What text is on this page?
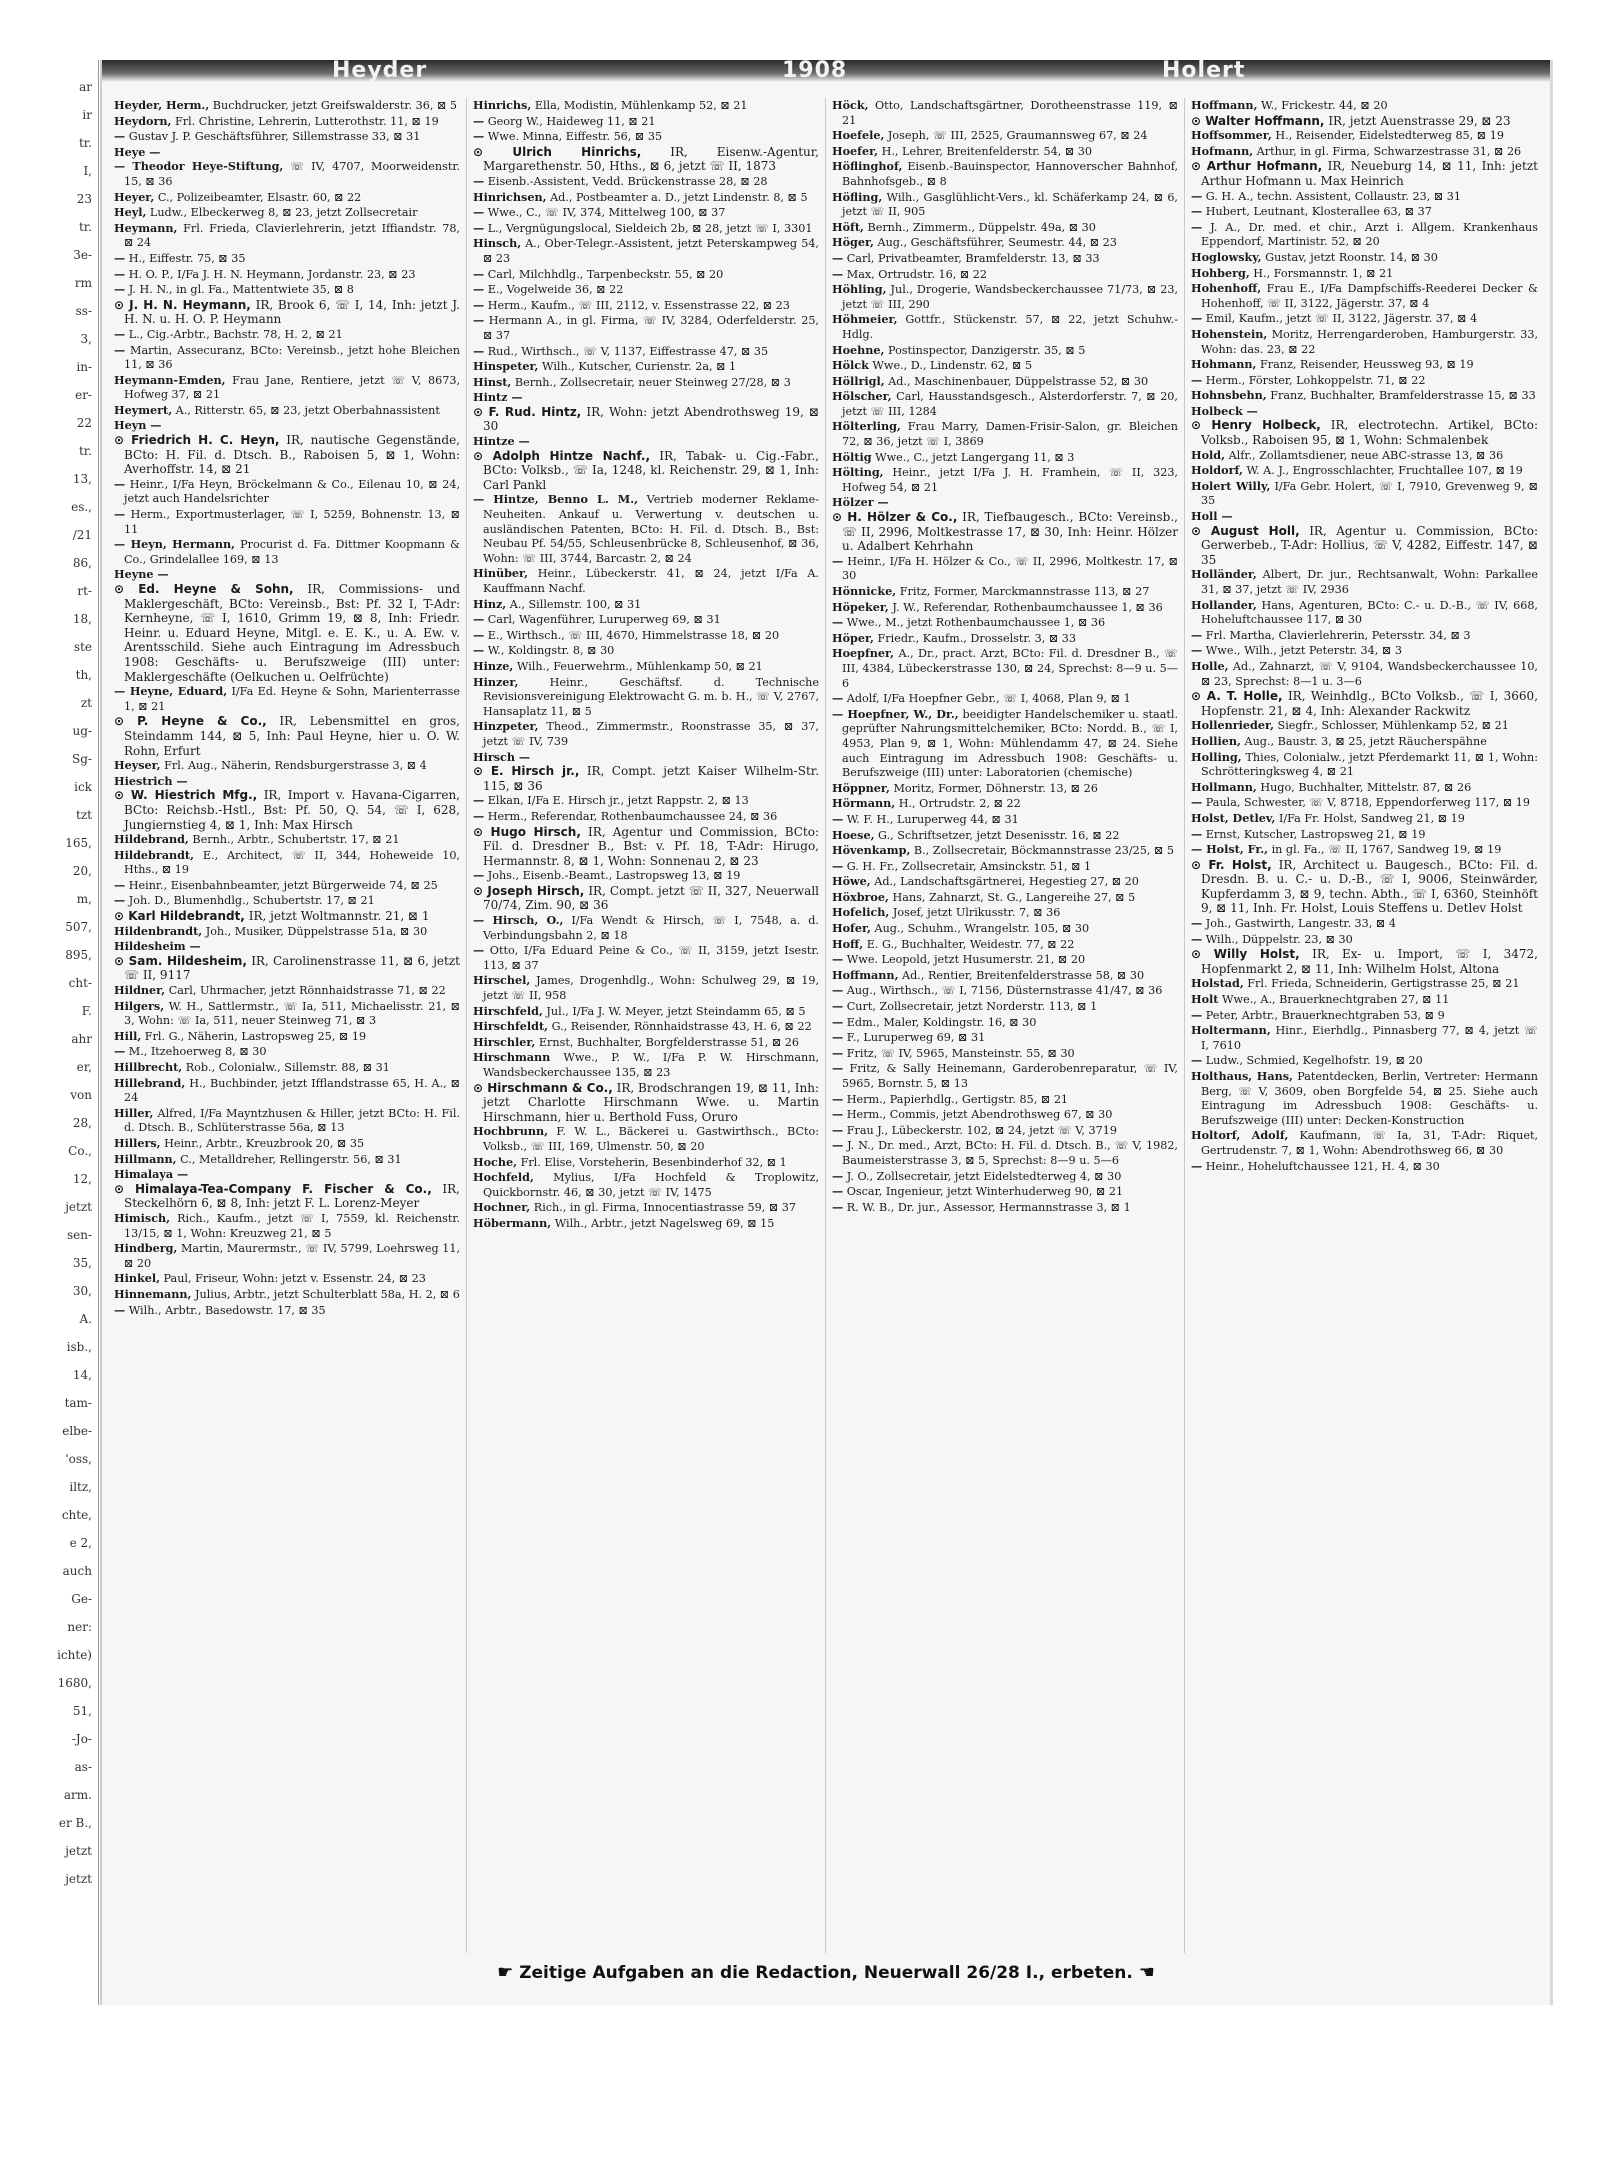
ar
ir
tr.
I,
23
tr.
3e-
rm
ss-
3,
in-
er-
22
tr.
13,
es.,
/21
86,
rt-
18,
ste
th,
zt
ug-
Sg-
ick
tzt
165,
20,
m,
507,
895,
cht-
F.
ahr
er,
von
28,
Co.,
12,
jetzt
sen-
35,
30,
A.
isb.,
14,
tam-
elbe-
'oss,
iltz,
chte,
e 2,
auch
Ge-
ner:
ichte)
1680,
51,
-Jo-
as-
arm.
er B.,
jetzt
jetzt
Heyder	1908	Holert

Heyder, Herm., Buchdrucker, jetzt Greifswalderstr. 36, ⊠ 5

Heydorn, Frl. Christine, Lehrerin, Lutterothstr. 11, ⊠ 19

— Gustav J. P. Geschäftsführer, Sillemstrasse 33, ⊠ 31

Heye —

— Theodor Heye-Stiftung, ☏ IV, 4707, Moorweidenstr. 15, ⊠ 36

Heyer, C., Polizeibeamter, Elsastr. 60, ⊠ 22

Heyl, Ludw., Elbeckerweg 8, ⊠ 23, jetzt Zollsecretair

Heymann, Frl. Frieda, Clavierlehrerin, jetzt Iffiandstr. 78, ⊠ 24

— H., Eiffestr. 75, ⊠ 35

— H. O. P., I/Fa J. H. N. Heymann, Jordanstr. 23, ⊠ 23

— J. H. N., in gl. Fa., Mattentwiete 35, ⊠ 8

⊙ J. H. N. Heymann, IR, Brook 6, ☏ I, 14, Inh: jetzt J. H. N. u. H. O. P. Heymann

— L., Cig.-Arbtr., Bachstr. 78, H. 2, ⊠ 21

— Martin, Assecuranz, BCto: Vereinsb., jetzt hohe Bleichen 11, ⊠ 36

Heymann-Emden, Frau Jane, Rentiere, jetzt ☏ V, 8673, Hofweg 37, ⊠ 21

Heymert, A., Ritterstr. 65, ⊠ 23, jetzt Oberbahnassistent

Heyn —

⊙ Friedrich H. C. Heyn, IR, nautische Gegenstände, BCto: H. Fil. d. Dtsch. B., Raboisen 5, ⊠ 1, Wohn: Averhoffstr. 14, ⊠ 21

— Heinr., I/Fa Heyn, Bröckelmann & Co., Eilenau 10, ⊠ 24, jetzt auch Handelsrichter

— Herm., Exportmusterlager, ☏ I, 5259, Bohnenstr. 13, ⊠ 11

— Heyn, Hermann, Procurist d. Fa. Dittmer Koopmann & Co., Grindelallee 169, ⊠ 13

Heyne —

⊙ Ed. Heyne & Sohn, IR, Commissions- und Maklergeschäft, BCto: Vereinsb., Bst: Pf. 32 I, T-Adr: Kernheyne, ☏ I, 1610, Grimm 19, ⊠ 8, Inh: Friedr. Heinr. u. Eduard Heyne, Mitgl. e. E. K., u. A. Ew. v. Arentsschild. Siehe auch Eintragung im Adressbuch 1908: Geschäfts- u. Berufszweige (III) unter: Maklergeschäfte (Oelkuchen u. Oelfrüchte)

— Heyne, Eduard, I/Fa Ed. Heyne & Sohn, Marienterrasse 1, ⊠ 21

⊙ P. Heyne & Co., IR, Lebensmittel en gros, Steindamm 144, ⊠ 5, Inh: Paul Heyne, hier u. O. W. Rohn, Erfurt

Heyser, Frl. Aug., Näherin, Rendsburgerstrasse 3, ⊠ 4

Hiestrich —

⊙ W. Hiestrich Mfg., IR, Import v. Havana-Cigarren, BCto: Reichsb.-Hstl., Bst: Pf. 50, Q. 54, ☏ I, 628, Jungiernstieg 4, ⊠ 1, Inh: Max Hirsch

Hildebrand, Bernh., Arbtr., Schubertstr. 17, ⊠ 21

Hildebrandt, E., Architect, ☏ II, 344, Hoheweide 10, Hths., ⊠ 19

— Heinr., Eisenbahnbeamter, jetzt Bürgerweide 74, ⊠ 25

— Joh. D., Blumenhdlg., Schubertstr. 17, ⊠ 21

⊙ Karl Hildebrandt, IR, jetzt Woltmannstr. 21, ⊠ 1

Hildenbrandt, Joh., Musiker, Düppelstrasse 51a, ⊠ 30

Hildesheim —

⊙ Sam. Hildesheim, IR, Carolinenstrasse 11, ⊠ 6, jetzt ☏ II, 9117

Hildner, Carl, Uhrmacher, jetzt Rönnhaidstrasse 71, ⊠ 22

Hilgers, W. H., Sattlermstr., ☏ Ia, 511, Michaelisstr. 21, ⊠ 3, Wohn: ☏ Ia, 511, neuer Steinweg 71, ⊠ 3

Hill, Frl. G., Näherin, Lastropsweg 25, ⊠ 19

— M., Itzehoerweg 8, ⊠ 30

Hillbrecht, Rob., Colonialw., Sillemstr. 88, ⊠ 31

Hillebrand, H., Buchbinder, jetzt Ifflandstrasse 65, H. A., ⊠ 24

Hiller, Alfred, I/Fa Mayntzhusen & Hiller, jetzt BCto: H. Fil. d. Dtsch. B., Schlüterstrasse 56a, ⊠ 13

Hillers, Heinr., Arbtr., Kreuzbrook 20, ⊠ 35

Hillmann, C., Metalldreher, Rellingerstr. 56, ⊠ 31

Himalaya —

⊙ Himalaya-Tea-Company F. Fischer & Co., IR, Steckelhörn 6, ⊠ 8, Inh: jetzt F. L. Lorenz-Meyer

Himisch, Rich., Kaufm., jetzt ☏ I, 7559, kl. Reichenstr. 13/15, ⊠ 1, Wohn: Kreuzweg 21, ⊠ 5

Hindberg, Martin, Maurermstr., ☏ IV, 5799, Loehrsweg 11, ⊠ 20

Hinkel, Paul, Friseur, Wohn: jetzt v. Essenstr. 24, ⊠ 23

Hinnemann, Julius, Arbtr., jetzt Schulterblatt 58a, H. 2, ⊠ 6

— Wilh., Arbtr., Basedowstr. 17, ⊠ 35

Hinrichs, Ella, Modistin, Mühlenkamp 52, ⊠ 21

— Georg W., Haideweg 11, ⊠ 21

— Wwe. Minna, Eiffestr. 56, ⊠ 35

⊙ Ulrich Hinrichs, IR, Eisenw.-Agentur, Margarethenstr. 50, Hths., ⊠ 6, jetzt ☏ II, 1873

— Eisenb.-Assistent, Vedd. Brückenstrasse 28, ⊠ 28

Hinrichsen, Ad., Postbeamter a. D., jetzt Lindenstr. 8, ⊠ 5

— Wwe., C., ☏ IV, 374, Mittelweg 100, ⊠ 37

— L., Vergnügungslocal, Sieldeich 2b, ⊠ 28, jetzt ☏ I, 3301

Hinsch, A., Ober-Telegr.-Assistent, jetzt Peterskampweg 54, ⊠ 23

— Carl, Milchhdlg., Tarpenbeckstr. 55, ⊠ 20

— E., Vogelweide 36, ⊠ 22

— Herm., Kaufm., ☏ III, 2112, v. Essenstrasse 22, ⊠ 23

— Hermann A., in gl. Firma, ☏ IV, 3284, Oderfelderstr. 25, ⊠ 37

— Rud., Wirthsch., ☏ V, 1137, Eiffestrasse 47, ⊠ 35

Hinspeter, Wilh., Kutscher, Curienstr. 2a, ⊠ 1

Hinst, Bernh., Zollsecretair, neuer Steinweg 27/28, ⊠ 3

Hintz —

⊙ F. Rud. Hintz, IR, Wohn: jetzt Abendrothsweg 19, ⊠ 30

Hintze —

⊙ Adolph Hintze Nachf., IR, Tabak- u. Cig.-Fabr., BCto: Volksb., ☏ Ia, 1248, kl. Reichenstr. 29, ⊠ 1, Inh: Carl Pankl

— Hintze, Benno L. M., Vertrieb moderner Reklame-Neuheiten. Ankauf u. Verwertung v. deutschen u. ausländischen Patenten, BCto: H. Fil. d. Dtsch. B., Bst: Neubau Pf. 54/55, Schleusenbrücke 8, Schleusenhof, ⊠ 36, Wohn: ☏ III, 3744, Barcastr. 2, ⊠ 24

Hinüber, Heinr., Lübeckerstr. 41, ⊠ 24, jetzt I/Fa A. Kauffmann Nachf.

Hinz, A., Sillemstr. 100, ⊠ 31

— Carl, Wagenführer, Luruperweg 69, ⊠ 31

— E., Wirthsch., ☏ III, 4670, Himmelstrasse 18, ⊠ 20

— W., Koldingstr. 8, ⊠ 30

Hinze, Wilh., Feuerwehrm., Mühlenkamp 50, ⊠ 21

Hinzer,	Heinr., Geschäftsf. d. Technische Revisionsvereinigung Elektrowacht G. m. b. H., ☏ V, 2767, Hansaplatz 11, ⊠ 5

Hinzpeter, Theod., Zimmermstr., Roonstrasse 35, ⊠ 37, jetzt ☏ IV, 739

Hirsch —

⊙ E. Hirsch jr., IR, Compt. jetzt Kaiser Wilhelm-Str. 115, ⊠ 36

— Elkan, I/Fa E. Hirsch jr., jetzt Rappstr. 2, ⊠ 13

— Herm., Referendar, Rothenbaumchaussee 24, ⊠ 36

⊙ Hugo Hirsch, IR, Agentur und Commission, BCto: Fil. d. Dresdner B., Bst: v. Pf. 18, T-Adr: Hirugo, Hermannstr. 8, ⊠ 1, Wohn: Sonnenau 2, ⊠ 23

— Johs., Eisenb.-Beamt., Lastropsweg 13, ⊠ 19

⊙ Joseph Hirsch, IR, Compt. jetzt ☏ II, 327, Neuerwall 70/74, Zim. 90, ⊠ 36

— Hirsch, O., I/Fa Wendt & Hirsch, ☏ I, 7548, a. d. Verbindungsbahn 2, ⊠ 18

— Otto, I/Fa Eduard Peine & Co., ☏ II, 3159, jetzt Isestr. 113, ⊠ 37

Hirschel, James, Drogenhdlg., Wohn: Schulweg 29, ⊠ 19, jetzt ☏ II, 958

Hirschfeld, Jul., I/Fa J. W. Meyer, jetzt Steindamm 65, ⊠ 5

Hirschfeldt, G., Reisender, Rönnhaidstrasse 43, H. 6, ⊠ 22

Hirschler, Ernst, Buchhalter, Borgfelderstrasse 51, ⊠ 26

Hirschmann Wwe., P. W., I/Fa P. W. Hirschmann, Wandsbeckerchaussee 135, ⊠ 23

⊙ Hirschmann & Co., IR, Brodschrangen 19, ⊠ 11, Inh: jetzt Charlotte Hirschmann Wwe. u. Martin Hirschmann, hier u. Berthold Fuss, Oruro

Hochbrunn, F. W. L., Bäckerei u. Gastwirthsch., BCto: Volksb., ☏ III, 169, Ulmenstr. 50, ⊠ 20

Hoche, Frl. Elise, Vorsteherin, Besenbinderhof 32, ⊠ 1

Hochfeld, Mylius, I/Fa Hochfeld & Troplowitz, Quickbornstr. 46, ⊠ 30, jetzt ☏ IV, 1475

Hochner, Rich., in gl. Firma, Innocentiastrasse 59, ⊠ 37

Höbermann, Wilh., Arbtr., jetzt Nagelsweg 69, ⊠ 15

Höck, Otto, Landschaftsgärtner, Dorotheenstrasse 119, ⊠ 21

Hoefele, Joseph, ☏ III, 2525, Graumannsweg 67, ⊠ 24

Hoefer, H., Lehrer, Breitenfelderstr. 54, ⊠ 30

Höflinghof, Eisenb.-Bauinspector, Hannoverscher Bahnhof, Bahnhofsgeb., ⊠ 8

Höfling, Wilh., Gasglühlicht-Vers., kl. Schäferkamp 24, ⊠ 6, jetzt ☏ II, 905

Höft, Bernh., Zimmerm., Düppelstr. 49a, ⊠ 30

Höger, Aug., Geschäftsführer, Seumestr. 44, ⊠ 23

— Carl, Privatbeamter, Bramfelderstr. 13, ⊠ 33

— Max, Ortrudstr. 16, ⊠ 22

Höhling, Jul., Drogerie, Wandsbeckerchaussee 71/73, ⊠ 23, jetzt ☏ III, 290

Höhmeier, Gottfr., Stückenstr. 57, ⊠ 22, jetzt Schuhw.-Hdlg.

Hoehne, Postinspector, Danzigerstr. 35, ⊠ 5

Hölck Wwe., D., Lindenstr. 62, ⊠ 5

Höllrigl, Ad., Maschinenbauer, Düppelstrasse 52, ⊠ 30

Hölscher, Carl, Hausstandsgesch., Alsterdorferstr. 7, ⊠ 20, jetzt ☏ III, 1284

Hölterling, Frau Marry, Damen-Frisir-Salon, gr. Bleichen 72, ⊠ 36, jetzt ☏ I, 3869

Höltig Wwe., C., jetzt Langergang 11, ⊠ 3

Hölting, Heinr., jetzt I/Fa J. H. Framhein, ☏ II, 323, Hofweg 54, ⊠ 21

Hölzer —

⊙ H. Hölzer & Co., IR, Tiefbaugesch., BCto: Vereinsb., ☏ II, 2996, Moltkestrasse 17, ⊠ 30, Inh: Heinr. Hölzer u. Adalbert Kehrhahn

— Heinr., I/Fa H. Hölzer & Co., ☏ II, 2996, Moltkestr. 17, ⊠ 30

Hönnicke, Fritz, Former, Marckmannstrasse 113, ⊠ 27

Höpeker, J. W., Referendar, Rothenbaumchaussee 1, ⊠ 36

— Wwe., M., jetzt Rothenbaumchaussee 1, ⊠ 36

Höper, Friedr., Kaufm., Drosselstr. 3, ⊠ 33

Hoepfner, A., Dr., pract. Arzt, BCto: Fil. d. Dresdner B., ☏ III, 4384, Lübeckerstrasse 130, ⊠ 24, Sprechst: 8—9 u. 5—6

— Adolf, I/Fa Hoepfner Gebr., ☏ I, 4068, Plan 9, ⊠ 1

— Hoepfner, W., Dr., beeidigter Handelschemiker u. staatl. geprüfter Nahrungsmittelchemiker, BCto: Nordd. B., ☏ I, 4953, Plan 9, ⊠ 1, Wohn: Mühlendamm 47, ⊠ 24. Siehe auch Eintragung im Adressbuch 1908: Geschäfts- u. Berufszweige (III) unter: Laboratorien (chemische)

Höppner, Moritz, Former, Döhnerstr. 13, ⊠ 26

Hörmann, H., Ortrudstr. 2, ⊠ 22

— W. F. H., Luruperweg 44, ⊠ 31

Hoese, G., Schriftsetzer, jetzt Desenisstr. 16, ⊠ 22

Hövenkamp, B., Zollsecretair, Böckmannstrasse 23/25, ⊠ 5

— G. H. Fr., Zollsecretair, Amsinckstr. 51, ⊠ 1

Höwe, Ad., Landschaftsgärtnerei, Hegestieg 27, ⊠ 20

Höxbroe, Hans, Zahnarzt, St. G., Langereihe 27, ⊠ 5

Hofelich, Josef, jetzt Ulrikusstr. 7, ⊠ 36

Hofer, Aug., Schuhm., Wrangelstr. 105, ⊠ 30

Hoff, E. G., Buchhalter, Weidestr. 77, ⊠ 22

— Wwe. Leopold, jetzt Husumerstr. 21, ⊠ 20

Hoffmann, Ad., Rentier, Breitenfelderstrasse 58, ⊠ 30

— Aug., Wirthsch., ☏ I, 7156, Düsternstrasse 41/47, ⊠ 36

— Curt, Zollsecretair, jetzt Norderstr. 113, ⊠ 1

— Edm., Maler, Koldingstr. 16, ⊠ 30

— F., Luruperweg 69, ⊠ 31

— Fritz, ☏ IV, 5965, Mansteinstr. 55, ⊠ 30

— Fritz, & Sally Heinemann, Garderobenreparatur, ☏ IV, 5965, Bornstr. 5, ⊠ 13

— Herm., Papierhdlg., Gertigstr. 85, ⊠ 21

— Herm., Commis, jetzt Abendrothsweg 67, ⊠ 30

— Frau J., Lübeckerstr. 102, ⊠ 24, jetzt ☏ V, 3719

— J. N., Dr. med., Arzt, BCto: H. Fil. d. Dtsch. B., ☏ V, 1982, Baumeisterstrasse 3, ⊠ 5, Sprechst: 8—9 u. 5—6

— J. O., Zollsecretair, jetzt Eidelstedterweg 4, ⊠ 30

— Oscar, Ingenieur, jetzt Winterhuderweg 90, ⊠ 21

— R. W. B., Dr. jur., Assessor, Hermannstrasse 3, ⊠ 1

Hoffmann, W., Frickestr. 44, ⊠ 20

⊙ Walter Hoffmann, IR, jetzt Auenstrasse 29, ⊠ 23

Hoffsommer, H., Reisender, Eidelstedterweg 85, ⊠ 19

Hofmann, Arthur, in gl. Firma, Schwarzestrasse 31, ⊠ 26

⊙ Arthur Hofmann, IR, Neueburg 14, ⊠ 11, Inh: jetzt Arthur Hofmann u. Max Heinrich

— G. H. A., techn. Assistent, Collaustr. 23, ⊠ 31

— Hubert, Leutnant, Klosterallee 63, ⊠ 37

— J. A., Dr. med. et chir., Arzt i. Allgem. Krankenhaus Eppendorf, Martinistr. 52, ⊠ 20

Hoglowsky, Gustav, jetzt Roonstr. 14, ⊠ 30

Hohberg, H., Forsmannstr. 1, ⊠ 21

Hohenhoff, Frau E., I/Fa Dampfschiffs-Reederei Decker & Hohenhoff, ☏ II, 3122, Jägerstr. 37, ⊠ 4

— Emil, Kaufm., jetzt ☏ II, 3122, Jägerstr. 37, ⊠ 4

Hohenstein, Moritz, Herrengarderoben, Hamburgerstr. 33, Wohn: das. 23, ⊠ 22

Hohmann, Franz, Reisender, Heussweg 93, ⊠ 19

— Herm., Förster, Lohkoppelstr. 71, ⊠ 22

Hohnsbehn, Franz, Buchhalter, Bramfelderstrasse 15, ⊠ 33

Holbeck —

⊙ Henry Holbeck, IR, electrotechn. Artikel, BCto: Volksb., Raboisen 95, ⊠ 1, Wohn: Schmalenbek

Hold, Alfr., Zollamtsdiener, neue ABC-strasse 13, ⊠ 36

Holdorf, W. A. J., Engrosschlachter, Fruchtallee 107, ⊠ 19

Holert Willy, I/Fa Gebr. Holert, ☏ I, 7910, Grevenweg 9, ⊠ 35

Holl —

⊙ August Holl, IR, Agentur u. Commission, BCto: Gerwerbeb., T-Adr: Hollius, ☏ V, 4282, Eiffestr. 147, ⊠ 35

Holländer, Albert, Dr. jur., Rechtsanwalt, Wohn: Parkallee 31, ⊠ 37, jetzt ☏ IV, 2936

Hollander, Hans, Agenturen, BCto: C.- u. D.-B., ☏ IV, 668, Hoheluftchaussee 117, ⊠ 30

— Frl. Martha, Clavierlehrerin, Petersstr. 34, ⊠ 3

— Wwe., Wilh., jetzt Peterstr. 34, ⊠ 3

Holle, Ad., Zahnarzt, ☏ V, 9104, Wandsbeckerchaussee 10, ⊠ 23, Sprechst: 8—1 u. 3—6

⊙ A. T. Holle, IR, Weinhdlg., BCto Volksb., ☏ I, 3660, Hopfenstr. 21, ⊠ 4, Inh: Alexander Rackwitz

Hollenrieder, Siegfr., Schlosser, Mühlenkamp 52, ⊠ 21

Hollien, Aug., Baustr. 3, ⊠ 25, jetzt Räucherspähne

Holling, Thies, Colonialw., jetzt Pferdemarkt 11, ⊠ 1, Wohn: Schrötteringksweg 4, ⊠ 21

Hollmann, Hugo, Buchhalter, Mittelstr. 87, ⊠ 26

— Paula, Schwester, ☏ V, 8718, Eppendorferweg 117, ⊠ 19

Holst, Detlev, I/Fa Fr. Holst, Sandweg 21, ⊠ 19

— Ernst, Kutscher, Lastropsweg 21, ⊠ 19

— Holst, Fr., in gl. Fa., ☏ II, 1767, Sandweg 19, ⊠ 19

⊙ Fr. Holst, IR, Architect u. Baugesch., BCto: Fil. d. Dresdn. B. u. C.- u. D.-B., ☏ I, 9006, Steinwärder, Kupferdamm 3, ⊠ 9, techn. Abth., ☏ I, 6360, Steinhöft 9, ⊠ 11, Inh. Fr. Holst, Louis Steffens u. Detlev Holst

— Joh., Gastwirth, Langestr. 33, ⊠ 4

— Wilh., Düppelstr. 23, ⊠ 30

⊙ Willy Holst, IR, Ex- u. Import, ☏ I, 3472, Hopfenmarkt 2, ⊠ 11, Inh: Wilhelm Holst, Altona

Holstad, Frl. Frieda, Schneiderin, Gertigstrasse 25, ⊠ 21

Holt Wwe., A., Brauerknechtgraben 27, ⊠ 11

— Peter, Arbtr., Brauerknechtgraben 53, ⊠ 9

Holtermann, Hinr., Eierhdlg., Pinnasberg 77, ⊠ 4, jetzt ☏ I, 7610

— Ludw., Schmied, Kegelhofstr. 19, ⊠ 20

Holthaus, Hans, Patentdecken, Berlin, Vertreter: Hermann Berg, ☏ V, 3609, oben Borgfelde 54, ⊠ 25. Siehe auch Eintragung im Adressbuch 1908: Geschäfts- u. Berufszweige (III) unter: Decken-Konstruction

Holtorf, Adolf, Kaufmann, ☏ Ia, 31, T-Adr: Riquet, Gertrudenstr. 7, ⊠ 1, Wohn: Abendrothsweg 66, ⊠ 30

— Heinr., Hoheluftchaussee 121, H. 4, ⊠ 30

☛ Zeitige Aufgaben an die Redaction, Neuerwall 26/28 I., erbeten. ☚
